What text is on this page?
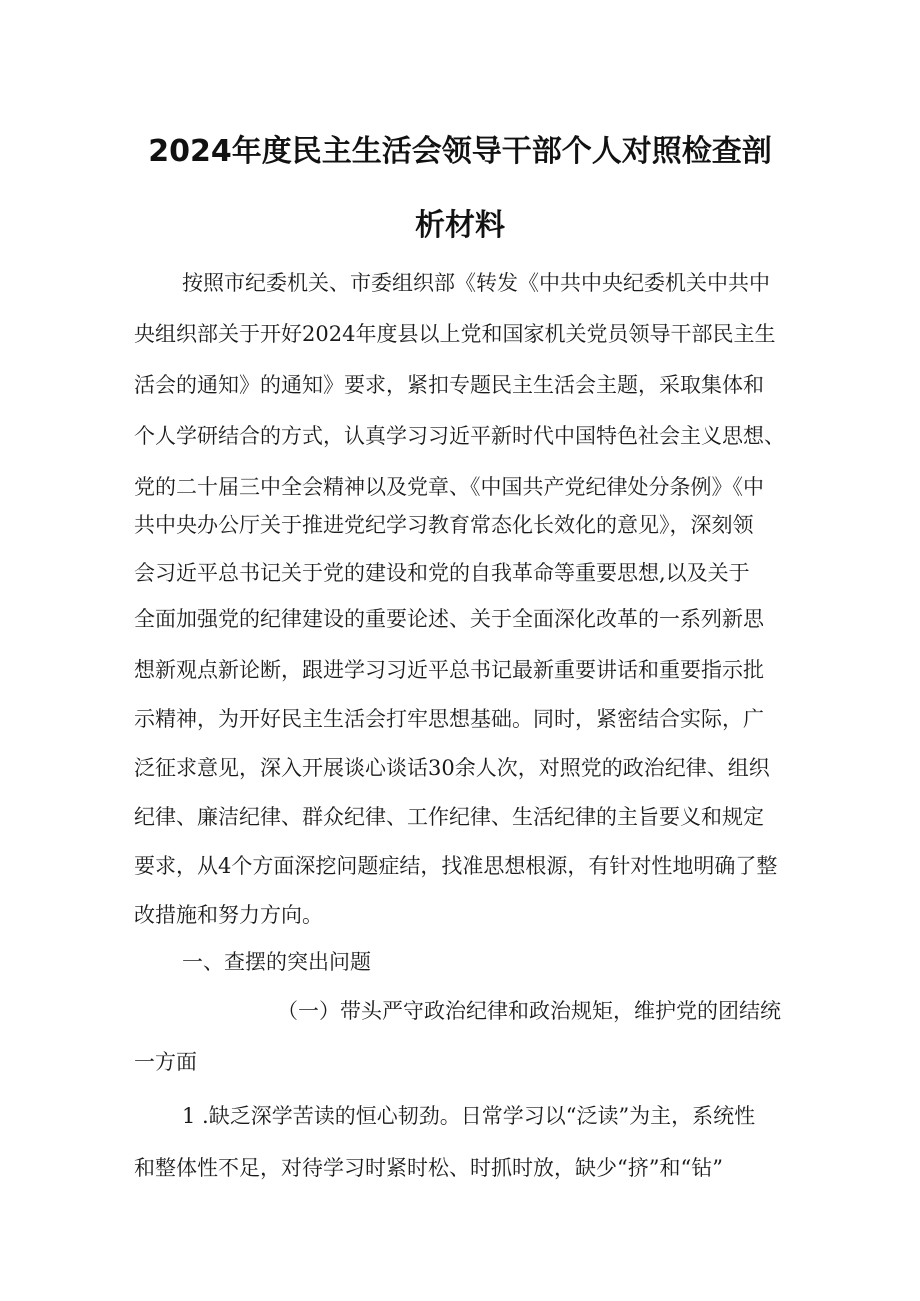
2024年度民主生活会领导干部个人对照检查剖
析材料
按照市纪委机关、市委组织部《转发《中共中央纪委机关中共中
央组织部关于开好2024年度县以上党和国家机关党员领导干部民主生
活会的通知》的通知》要求，紧扣专题民主生活会主题，采取集体和
个人学研结合的方式，认真学习习近平新时代中国特色社会主义思想、
党的二十届三中全会精神以及党章、《中国共产党纪律处分条例》《中
共中央办公厅关于推进党纪学习教育常态化长效化的意见》，深刻领
会习近平总书记关于党的建设和党的自我革命等重要思想,以及关于
全面加强党的纪律建设的重要论述、关于全面深化改革的一系列新思
想新观点新论断，跟进学习习近平总书记最新重要讲话和重要指示批
示精神，为开好民主生活会打牢思想基础。同时，紧密结合实际，广
泛征求意见，深入开展谈心谈话30余人次，对照党的政治纪律、组织
纪律、廉洁纪律、群众纪律、工作纪律、生活纪律的主旨要义和规定
要求，从4个方面深挖问题症结，找准思想根源，有针对性地明确了整
改措施和努力方向。
一、查摆的突出问题
（一）带头严守政治纪律和政治规矩，维护党的团结统
一方面
1 .缺乏深学苦读的恒心韧劲。日常学习以“泛读”为主，系统性
和整体性不足，对待学习时紧时松、时抓时放，缺少“挤”和“钻”
